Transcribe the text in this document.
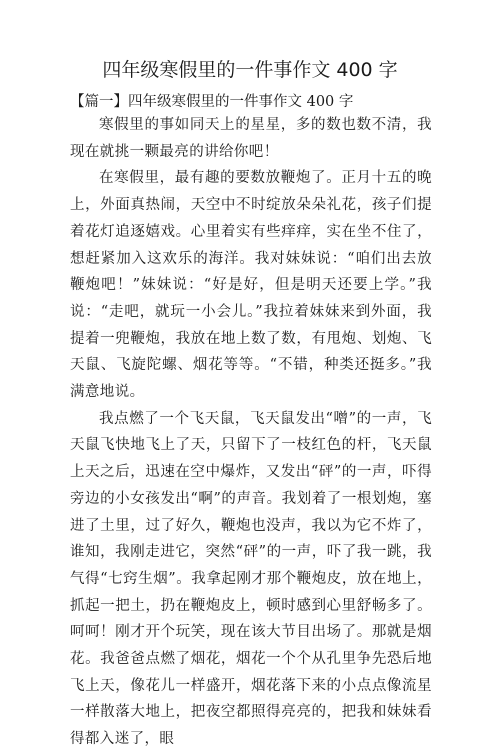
四年级寒假里的一件事作文 400 字
【篇一】四年级寒假里的一件事作文 400 字

寒假里的事如同天上的星星，多的数也数不清，我现在就挑一颗最亮的讲给你吧！

在寒假里，最有趣的要数放鞭炮了。正月十五的晚上，外面真热闹，天空中不时绽放朵朵礼花，孩子们提着花灯追逐嬉戏。心里着实有些痒痒，实在坐不住了，想赶紧加入这欢乐的海洋。我对妹妹说：“咱们出去放鞭炮吧！”妹妹说：“好是好，但是明天还要上学。”我说：“走吧，就玩一小会儿。”我拉着妹妹来到外面，我提着一兜鞭炮，我放在地上数了数，有甩炮、划炮、飞天鼠、飞旋陀螺、烟花等等。“不错，种类还挺多。”我满意地说。

我点燃了一个飞天鼠，飞天鼠发出“噌”的一声，飞天鼠飞快地飞上了天，只留下了一枝红色的杆，飞天鼠上天之后，迅速在空中爆炸，又发出“砰”的一声，吓得旁边的小女孩发出“啊”的声音。我划着了一根划炮，塞进了土里，过了好久，鞭炮也没声，我以为它不炸了，谁知，我刚走进它，突然“砰”的一声，吓了我一跳，我气得“七窍生烟”。我拿起刚才那个鞭炮皮，放在地上，抓起一把土，扔在鞭炮皮上，顿时感到心里舒畅多了。呵呵！刚才开个玩笑，现在该大节目出场了。那就是烟花。我爸爸点燃了烟花，烟花一个个从孔里争先恐后地飞上天，像花儿一样盛开，烟花落下来的小点点像流星一样散落大地上，把夜空都照得亮亮的，把我和妹妹看得都入迷了，眼
